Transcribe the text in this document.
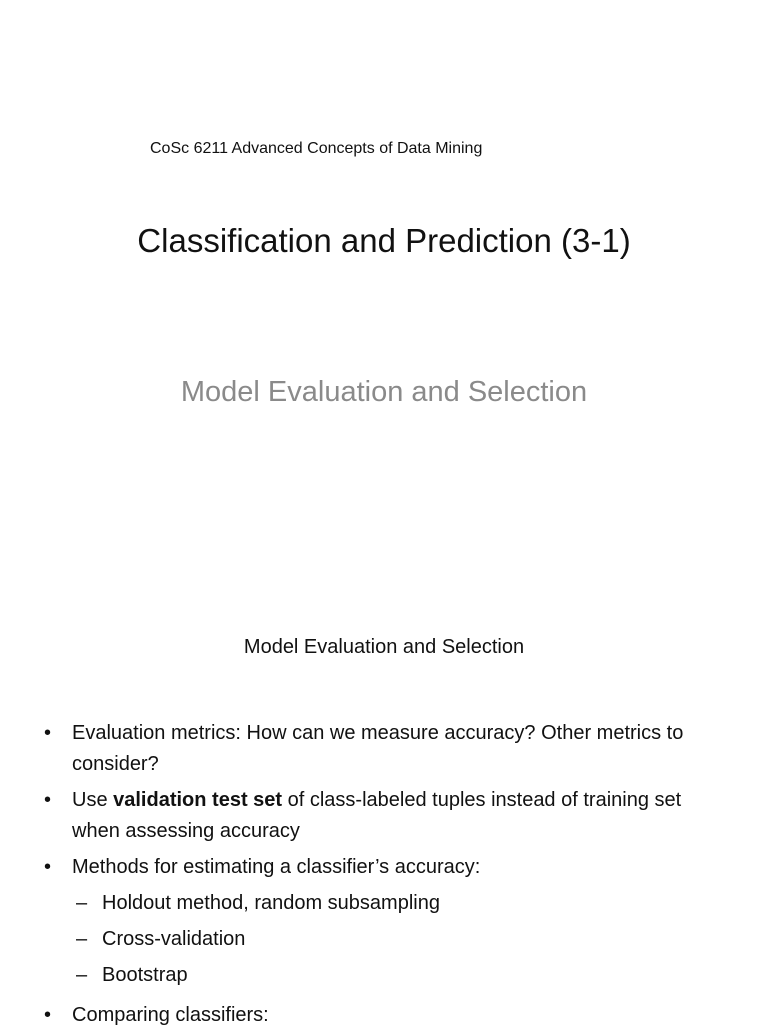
CoSc 6211 Advanced Concepts of Data Mining
Classification and Prediction (3-1)
Model Evaluation and Selection
Model Evaluation and Selection
• Evaluation metrics: How can we measure accuracy? Other metrics to consider?
• Use validation test set of class-labeled tuples instead of training set when assessing accuracy
• Methods for estimating a classifier’s accuracy:
– Holdout method, random subsampling
– Cross-validation
– Bootstrap
• Comparing classifiers:
